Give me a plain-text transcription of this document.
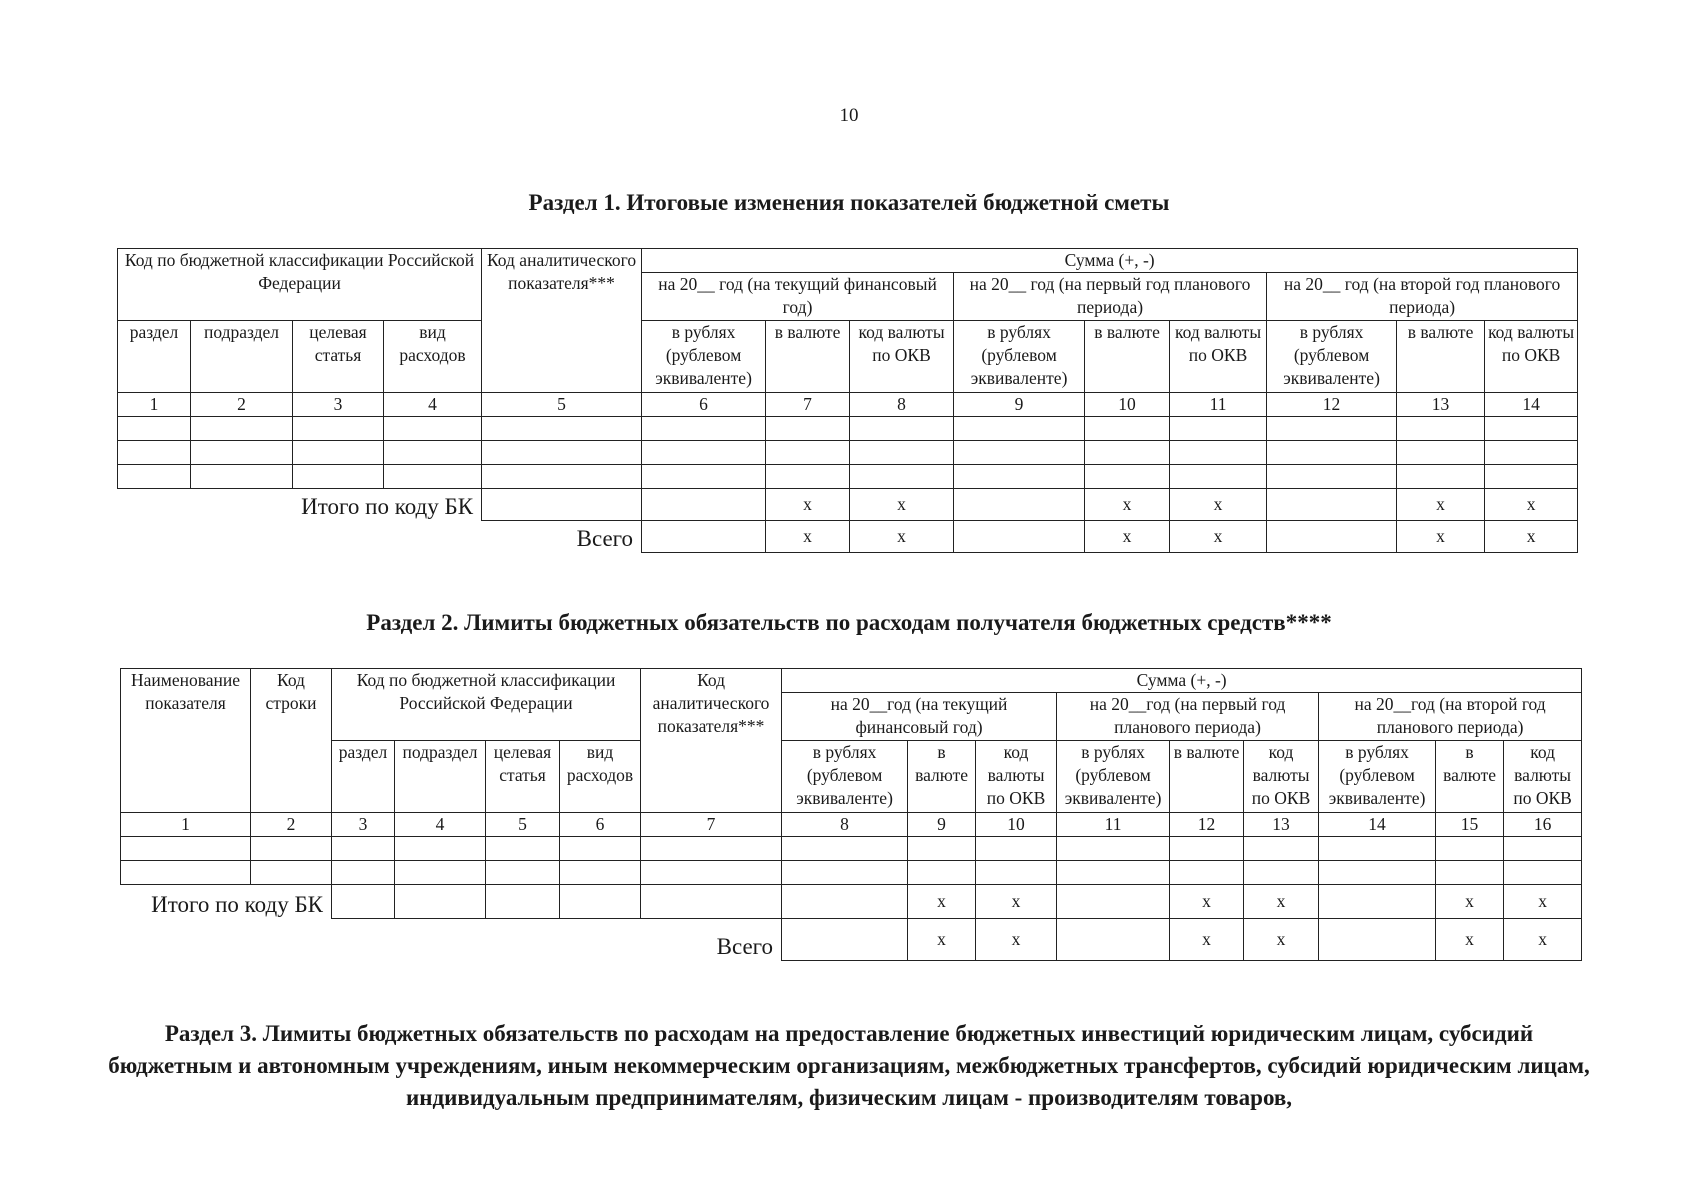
10
Раздел 1. Итоговые изменения показателей бюджетной сметы
Код по бюджетной классификации Российской Федерации				Код аналитического показателя***	Сумма (+, -)								
					на 20__ год (на текущий финансовый год)			на 20__ год (на первый год планового периода)			на 20__ год (на второй год планового периода)		

раздел	подраздел	целевая статья	вид расходов		в рублях (рублевом эквиваленте)	в валюте	код валюты по ОКВ	в рублях (рублевом эквиваленте)	в валюте	код валюты по ОКВ	в рублях (рублевом эквиваленте)	в валюте	код валюты по ОКВ
1	2	3	4	5	6	7	8	9	10	11	12	13	14

Итого по коду БК						x	x		x	x		x	x
Всего						x	x		x	x		x	x
Раздел 2. Лимиты бюджетных обязательств по расходам получателя бюджетных средств****
Наименование показателя	Код строки	Код по бюджетной классификации Российской Федерации				Код аналитического показателя***	Сумма (+, -)								
							на 20__год (на текущий финансовый год)			на 20__год (на первый год планового периода)			на 20__год (на второй год планового периода)		

		раздел	подраздел	целевая статья	вид расходов		в рублях (рублевом эквиваленте)	в валюте	код валюты по ОКВ	в рублях (рублевом эквиваленте)	в валюте	код валюты по ОКВ	в рублях (рублевом эквиваленте)	в валюте	код валюты по ОКВ
1	2	3	4	5	6	7	8	9	10	11	12	13	14	15	16

Итого по коду БК								x	x		x	x		x	x
Всего								x	x		x	x		x	x
Раздел 3. Лимиты бюджетных обязательств по расходам на предоставление бюджетных инвестиций юридическим лицам, субсидий бюджетным и автономным учреждениям, иным некоммерческим организациям, межбюджетных трансфертов, субсидий юридическим лицам, индивидуальным предпринимателям, физическим лицам - производителям товаров,
